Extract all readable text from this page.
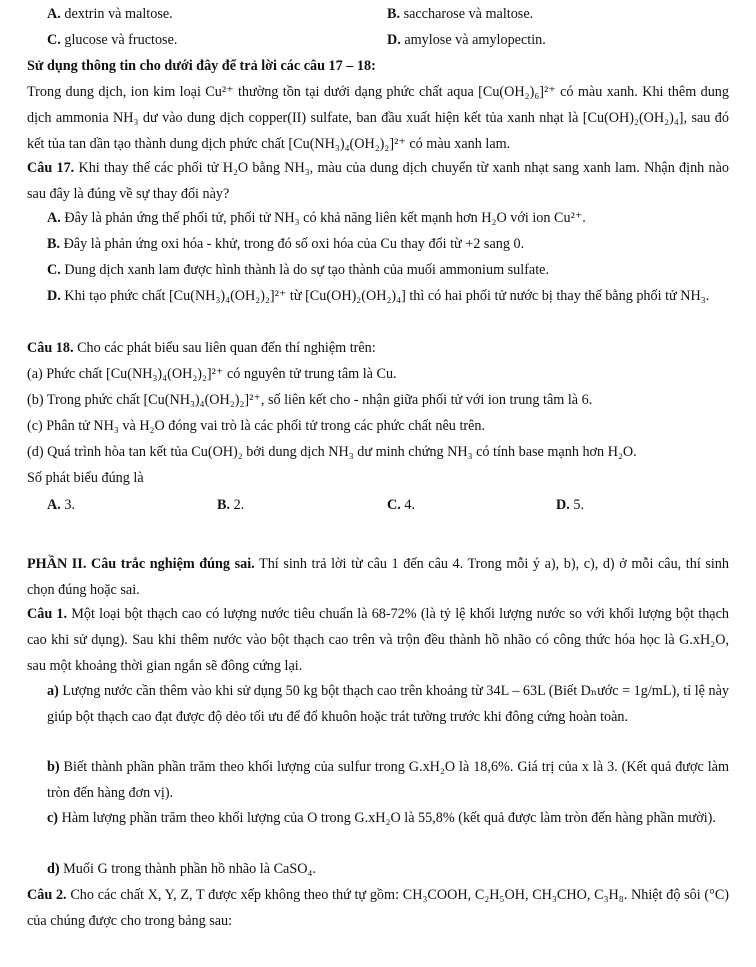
A. dextrin và maltose.	B. saccharose và maltose.
C. glucose và fructose.	D. amylose và amylopectin.

Sử dụng thông tin cho dưới đây để trả lời các câu 17 – 18:

Trong dung dịch, ion kim loại Cu²⁺ thường tồn tại dưới dạng phức chất aqua [Cu(OH₂)₆]²⁺ có màu xanh. Khi thêm dung dịch ammonia NH₃ dư vào dung dịch copper(II) sulfate, ban đầu xuất hiện kết tủa xanh nhạt là [Cu(OH)₂(OH₂)₄], sau đó kết tủa tan dần tạo thành dung dịch phức chất [Cu(NH₃)₄(OH₂)₂]²⁺ có màu xanh lam.

Câu 17. Khi thay thế các phối tử H₂O bằng NH₃, màu của dung dịch chuyển từ xanh nhạt sang xanh lam. Nhận định nào sau đây là đúng về sự thay đổi này?

A. Đây là phản ứng thế phối tử, phối tử NH₃ có khả năng liên kết mạnh hơn H₂O với ion Cu²⁺.

B. Đây là phản ứng oxi hóa - khử, trong đó số oxi hóa của Cu thay đổi từ +2 sang 0.

C. Dung dịch xanh lam được hình thành là do sự tạo thành của muối ammonium sulfate.

D. Khi tạo phức chất [Cu(NH₃)₄(OH₂)₂]²⁺ từ [Cu(OH)₂(OH₂)₄] thì có hai phối tử nước bị thay thế bằng phối tử NH₃.

Câu 18. Cho các phát biểu sau liên quan đến thí nghiệm trên:

(a) Phức chất [Cu(NH₃)₄(OH₂)₂]²⁺ có nguyên tử trung tâm là Cu.

(b) Trong phức chất [Cu(NH₃)₄(OH₂)₂]²⁺, số liên kết cho - nhận giữa phối tử với ion trung tâm là 6.

(c) Phân tử NH₃ và H₂O đóng vai trò là các phối tử trong các phức chất nêu trên.

(d) Quá trình hòa tan kết tủa Cu(OH)₂ bởi dung dịch NH₃ dư minh chứng NH₃ có tính base mạnh hơn H₂O.

Số phát biểu đúng là

A. 3.	B. 2.	C. 4.	D. 5.

PHẦN II. Câu trắc nghiệm đúng sai. Thí sinh trả lời từ câu 1 đến câu 4. Trong mỗi ý a), b), c), d) ở mỗi câu, thí sinh chọn đúng hoặc sai.

Câu 1. Một loại bột thạch cao có lượng nước tiêu chuẩn là 68-72% (là tỷ lệ khối lượng nước so với khối lượng bột thạch cao khi sử dụng). Sau khi thêm nước vào bột thạch cao trên và trộn đều thành hồ nhão có công thức hóa học là G.xH₂O, sau một khoảng thời gian ngắn sẽ đông cứng lại.

a) Lượng nước cần thêm vào khi sử dụng 50 kg bột thạch cao trên khoảng từ 34L – 63L (Biết Dₙước = 1g/mL), tỉ lệ này giúp bột thạch cao đạt được độ dẻo tối ưu để đổ khuôn hoặc trát tường trước khi đông cứng hoàn toàn.

b) Biết thành phần phần trăm theo khối lượng của sulfur trong G.xH₂O là 18,6%. Giá trị của x là 3. (Kết quả được làm tròn đến hàng đơn vị).

c) Hàm lượng phần trăm theo khối lượng của O trong G.xH₂O là 55,8% (kết quả được làm tròn đến hàng phần mười).

d) Muối G trong thành phần hồ nhão là CaSO₄.

Câu 2. Cho các chất X, Y, Z, T được xếp không theo thứ tự gồm: CH₃COOH, C₂H₅OH, CH₃CHO, C₃H₈. Nhiệt độ sôi (°C) của chúng được cho trong bảng sau:
